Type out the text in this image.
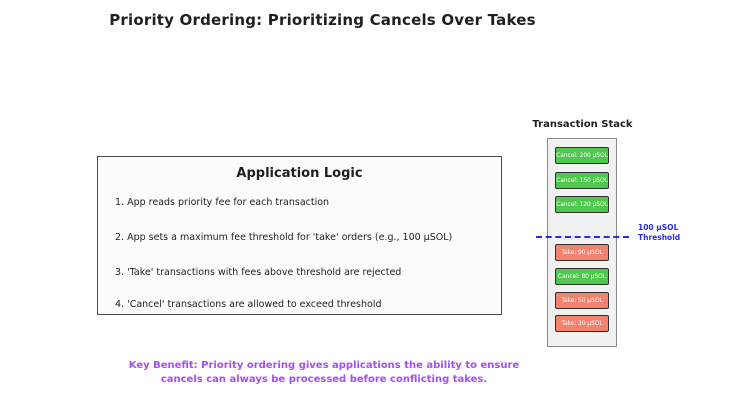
Priority Ordering: Prioritizing Cancels Over Takes
Application Logic
1. App reads priority fee for each transaction
2. App sets a maximum fee threshold for 'take' orders (e.g., 100 µSOL)
3. 'Take' transactions with fees above threshold are rejected
4. 'Cancel' transactions are allowed to exceed threshold
Transaction Stack
Cancel: 200 µSOL
Cancel: 150 µSOL
Cancel: 120 µSOL
Take: 90 µSOL
Cancel: 80 µSOL
Take: 50 µSOL
Take: 30 µSOL
100 µSOL
Threshold
Key Benefit: Priority ordering gives applications the ability to ensure
cancels can always be processed before conflicting takes.
